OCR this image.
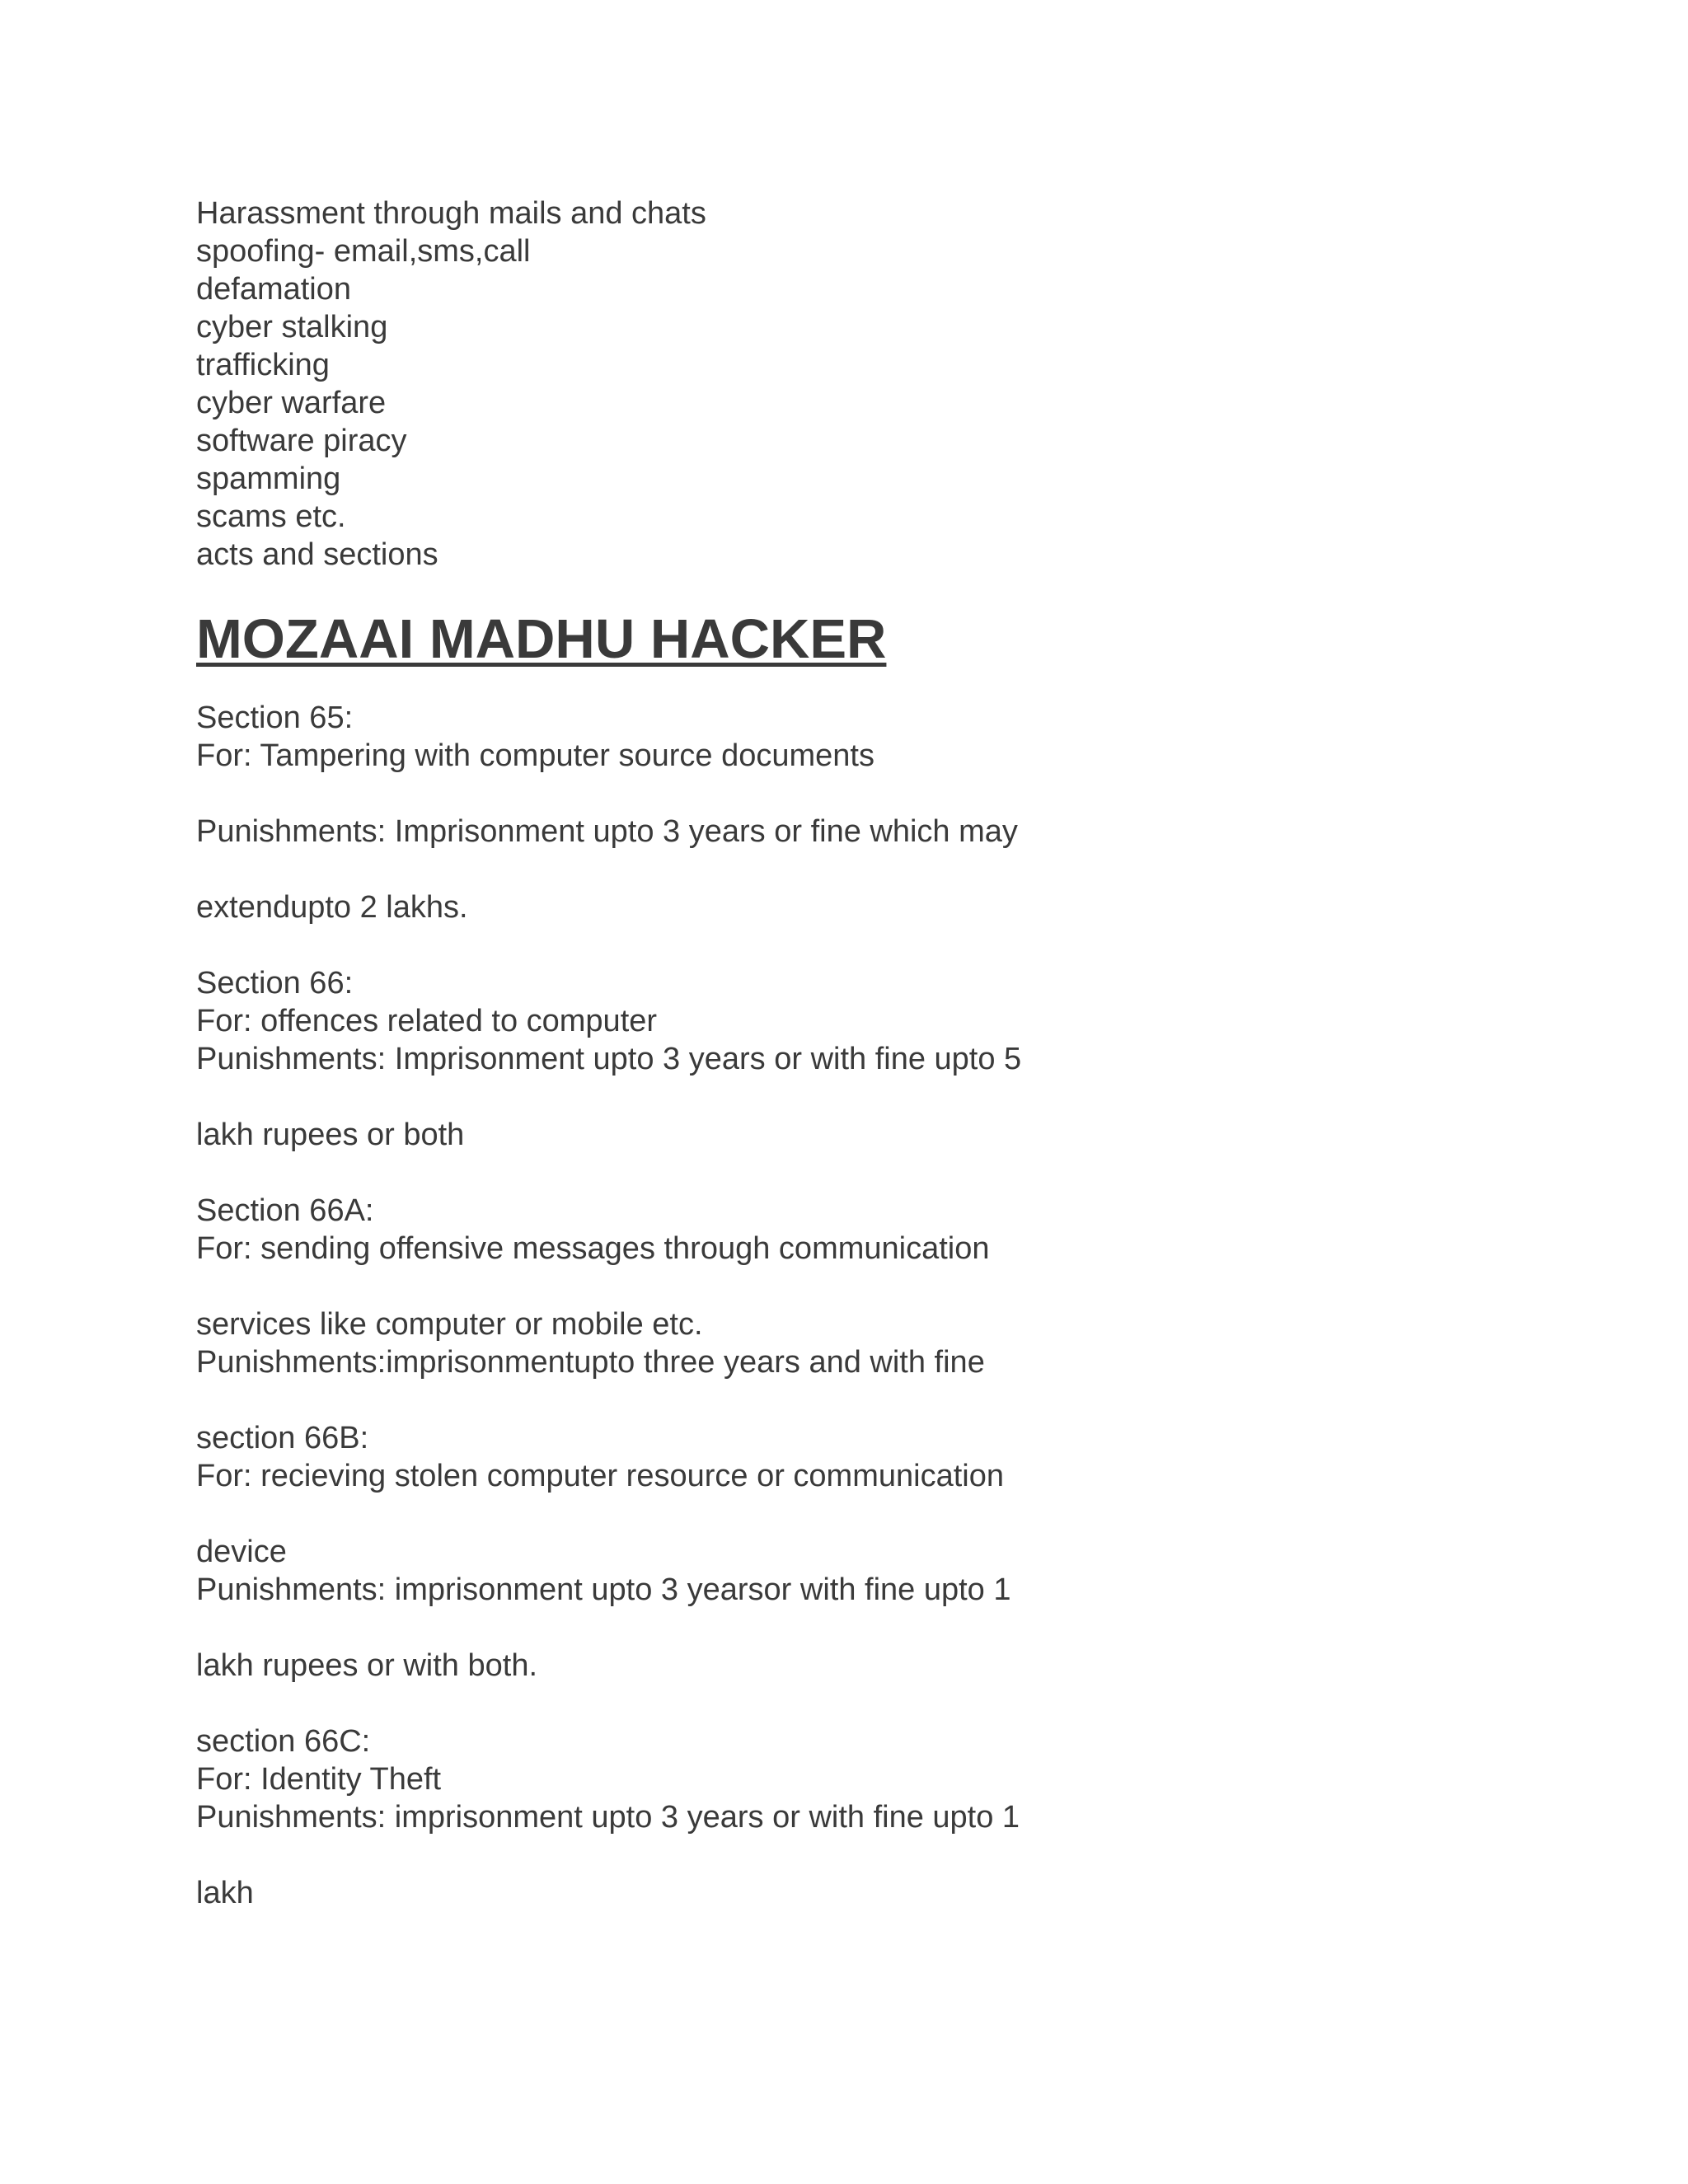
Harassment through mails and chats
spoofing- email,sms,call
defamation
cyber stalking
trafficking
cyber warfare
software piracy
spamming
scams etc.
acts and sections
MOZAAI MADHU HACKER
Section 65:
For: Tampering with computer source documents
Punishments: Imprisonment upto 3 years or fine which may
extendupto 2 lakhs.
Section 66:
For: offences related to computer
Punishments: Imprisonment upto 3 years or with fine upto 5
lakh rupees or both
Section 66A:
For: sending offensive messages through communication
services like computer or mobile etc.
Punishments:imprisonmentupto three years and with fine
section 66B:
For: recieving stolen computer resource or communication
device
Punishments: imprisonment upto 3 yearsor with fine upto 1
lakh rupees or with both.
section 66C:
For: Identity Theft
Punishments: imprisonment upto 3 years or with fine upto 1
lakh
